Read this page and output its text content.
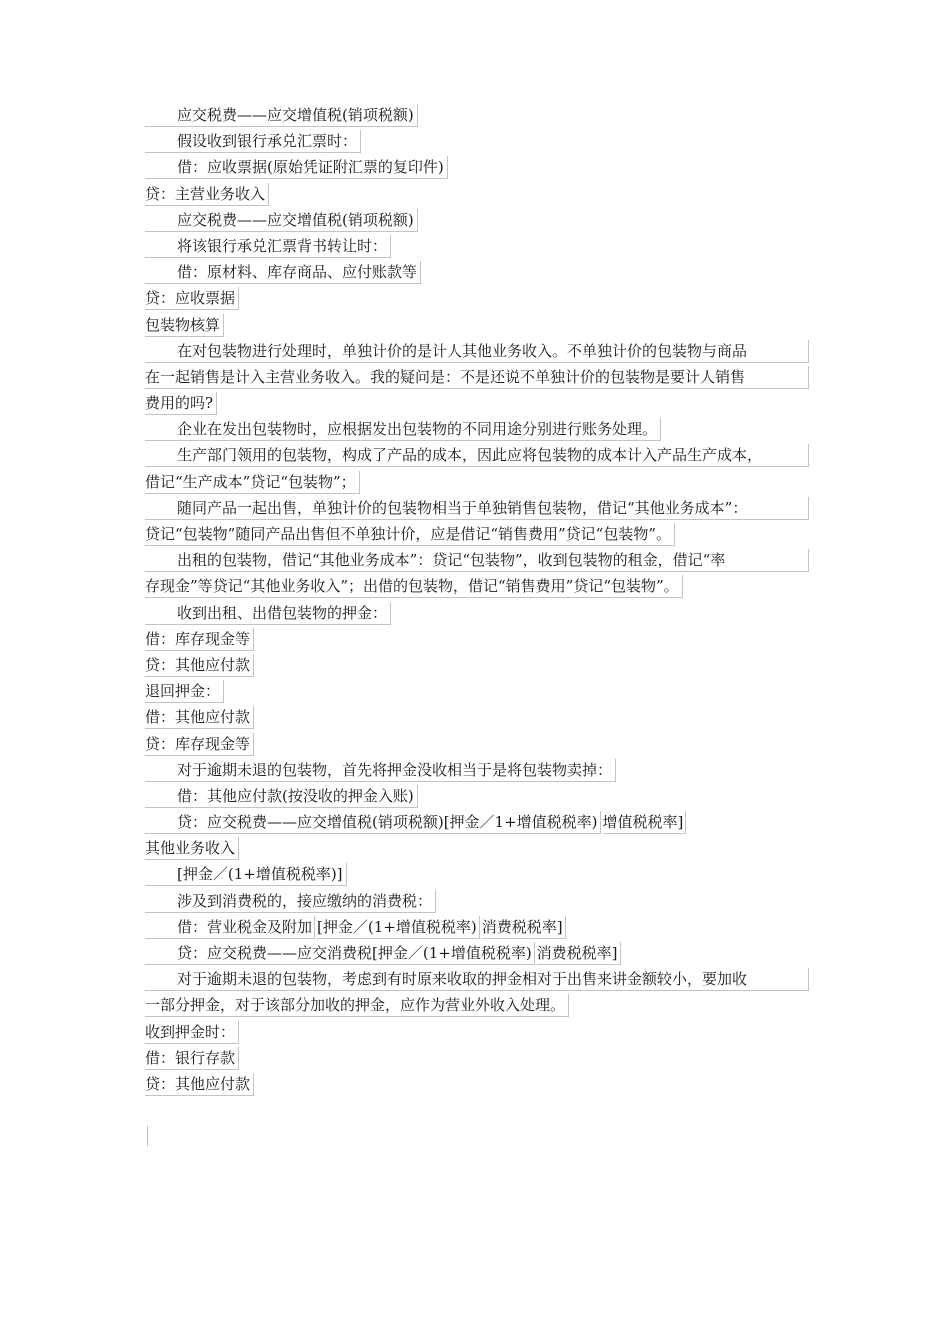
应交税费——应交增值税(销项税额)
假设收到银行承兑汇票时：
借：应收票据(原始凭证附汇票的复印件)
贷：主营业务收入
应交税费——应交增值税(销项税额)
将该银行承兑汇票背书转让时：
借：原材料、库存商品、应付账款等
贷：应收票据
包装物核算
在对包装物进行处理时，单独计价的是计人其他业务收入。不单独计价的包装物与商品
在一起销售是计入主营业务收入。我的疑问是：不是还说不单独计价的包装物是要计人销售
费用的吗?
企业在发出包装物时，应根据发出包装物的不同用途分别进行账务处理。
生产部门领用的包装物，构成了产品的成本，因此应将包装物的成本计入产品生产成本，
借记“生产成本”贷记“包装物”；
随同产品一起出售，单独计价的包装物相当于单独销售包装物，借记“其他业务成本”：
贷记“包装物”随同产品出售但不单独计价，应是借记“销售费用”贷记“包装物”。
出租的包装物，借记“其他业务成本”：贷记“包装物”，收到包装物的租金，借记“率
存现金”等贷记“其他业务收入”；出借的包装物，借记“销售费用”贷记“包装物”。
收到出租、出借包装物的押金：
借：库存现金等
贷：其他应付款
退回押金：
借：其他应付款
贷：库存现金等
对于逾期未退的包装物，首先将押金没收相当于是将包装物卖掉：
借：其他应付款(按没收的押金入账)
贷：应交税费——应交增值税(销项税额)[押金／1+增值税税率) 增值税税率]
其他业务收入
[押金／(1+增值税税率)]
涉及到消费税的，接应缴纳的消费税：
借：营业税金及附加 [押金／(1+增值税税率) 消费税税率]
贷：应交税费——应交消费税[押金／(1+增值税税率) 消费税税率]
对于逾期未退的包装物，考虑到有时原来收取的押金相对于出售来讲金额较小，要加收
一部分押金，对于该部分加收的押金，应作为营业外收入处理。
收到押金时：
借：银行存款
贷：其他应付款
